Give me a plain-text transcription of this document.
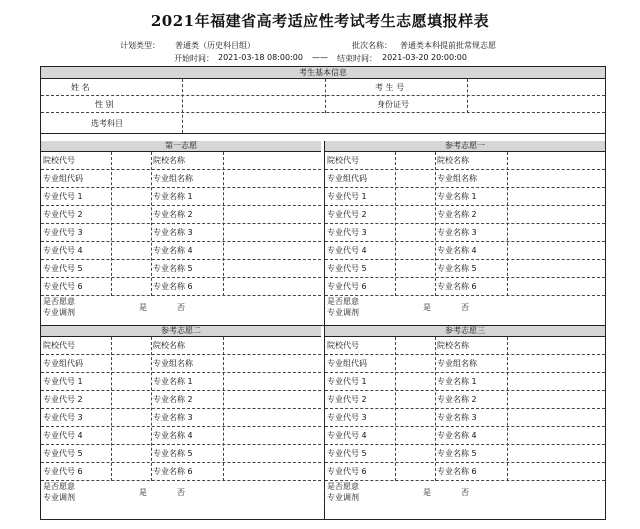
2021年福建省高考适应性考试考生志愿填报样表
计划类型： 普通类（历史科目组）	批次名称： 普通类本科提前批常规志愿
开始时间： 2021-03-18 08:00:00 —— 结束时间： 2021-03-20 20:00:00
考生基本信息
姓 名	考 生 号
性 别	身份证号
选考科目
第一志愿
院校代号	院校名称
专业组代码	专业组名称
专业代号 1	专业名称 1
专业代号 2	专业名称 2
专业代号 3	专业名称 3
专业代号 4	专业名称 4
专业代号 5	专业名称 5
专业代号 6	专业名称 6
是否愿意
专业调剂
是	否
参考志愿一
院校代号	院校名称
专业组代码	专业组名称
专业代号 1	专业名称 1
专业代号 2	专业名称 2
专业代号 3	专业名称 3
专业代号 4	专业名称 4
专业代号 5	专业名称 5
专业代号 6	专业名称 6
是否愿意
专业调剂
是	否
参考志愿二
院校代号	院校名称
专业组代码	专业组名称
专业代号 1	专业名称 1
专业代号 2	专业名称 2
专业代号 3	专业名称 3
专业代号 4	专业名称 4
专业代号 5	专业名称 5
专业代号 6	专业名称 6
是否愿意
专业调剂
是	否
参考志愿三
院校代号	院校名称
专业组代码	专业组名称
专业代号 1	专业名称 1
专业代号 2	专业名称 2
专业代号 3	专业名称 3
专业代号 4	专业名称 4
专业代号 5	专业名称 5
专业代号 6	专业名称 6
是否愿意
专业调剂
是	否
